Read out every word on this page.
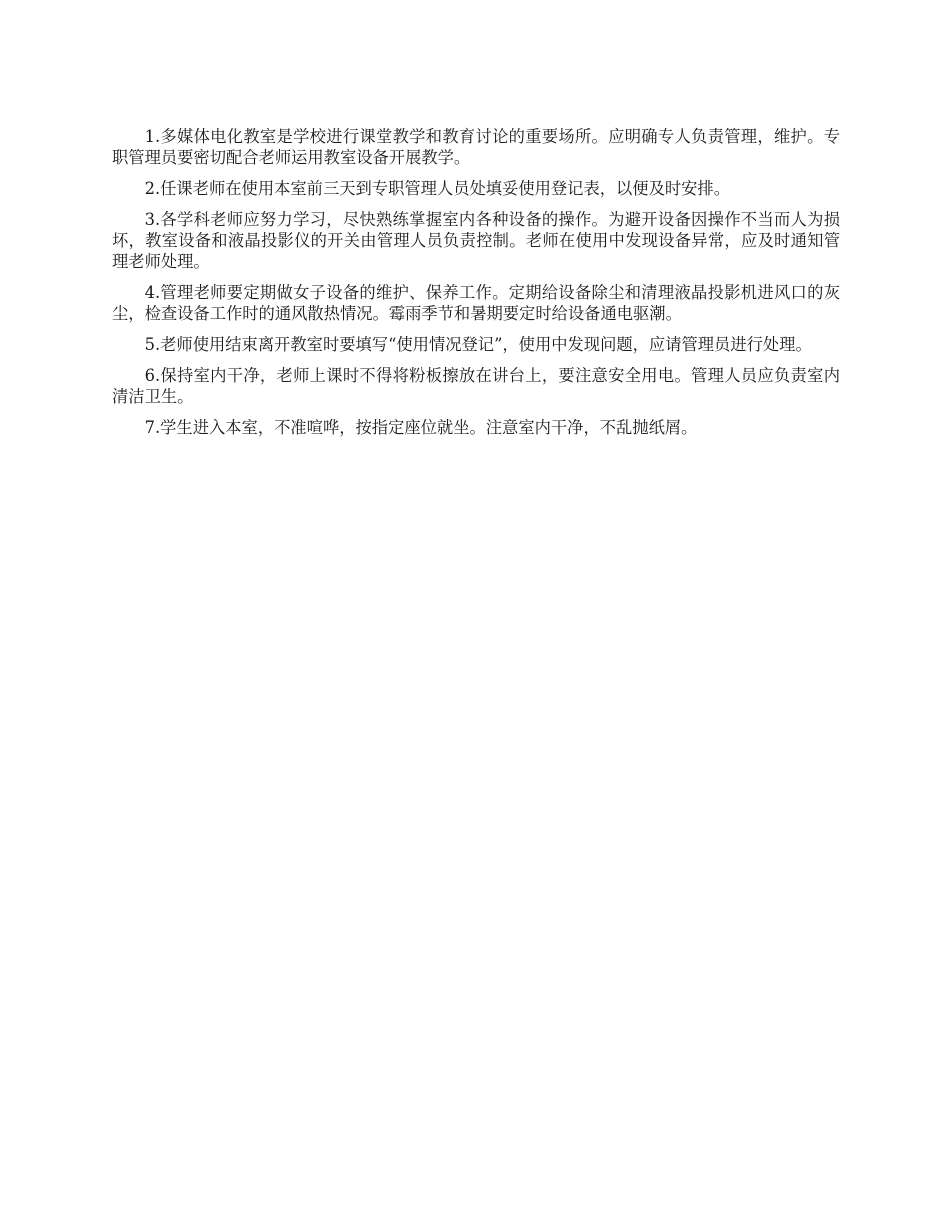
1.多媒体电化教室是学校进行课堂教学和教育讨论的重要场所。应明确专人负责管理，维护。专职管理员要密切配合老师运用教室设备开展教学。

2.任课老师在使用本室前三天到专职管理人员处填妥使用登记表，以便及时安排。

3.各学科老师应努力学习，尽快熟练掌握室内各种设备的操作。为避开设备因操作不当而人为损坏，教室设备和液晶投影仪的开关由管理人员负责控制。老师在使用中发现设备异常，应及时通知管理老师处理。

4.管理老师要定期做女子设备的维护、保养工作。定期给设备除尘和清理液晶投影机进风口的灰尘，检查设备工作时的通风散热情况。霉雨季节和暑期要定时给设备通电驱潮。

5.老师使用结束离开教室时要填写“使用情况登记”，使用中发现问题，应请管理员进行处理。

6.保持室内干净，老师上课时不得将粉板擦放在讲台上，要注意安全用电。管理人员应负责室内清洁卫生。

7.学生进入本室，不准喧哗，按指定座位就坐。注意室内干净，不乱抛纸屑。
